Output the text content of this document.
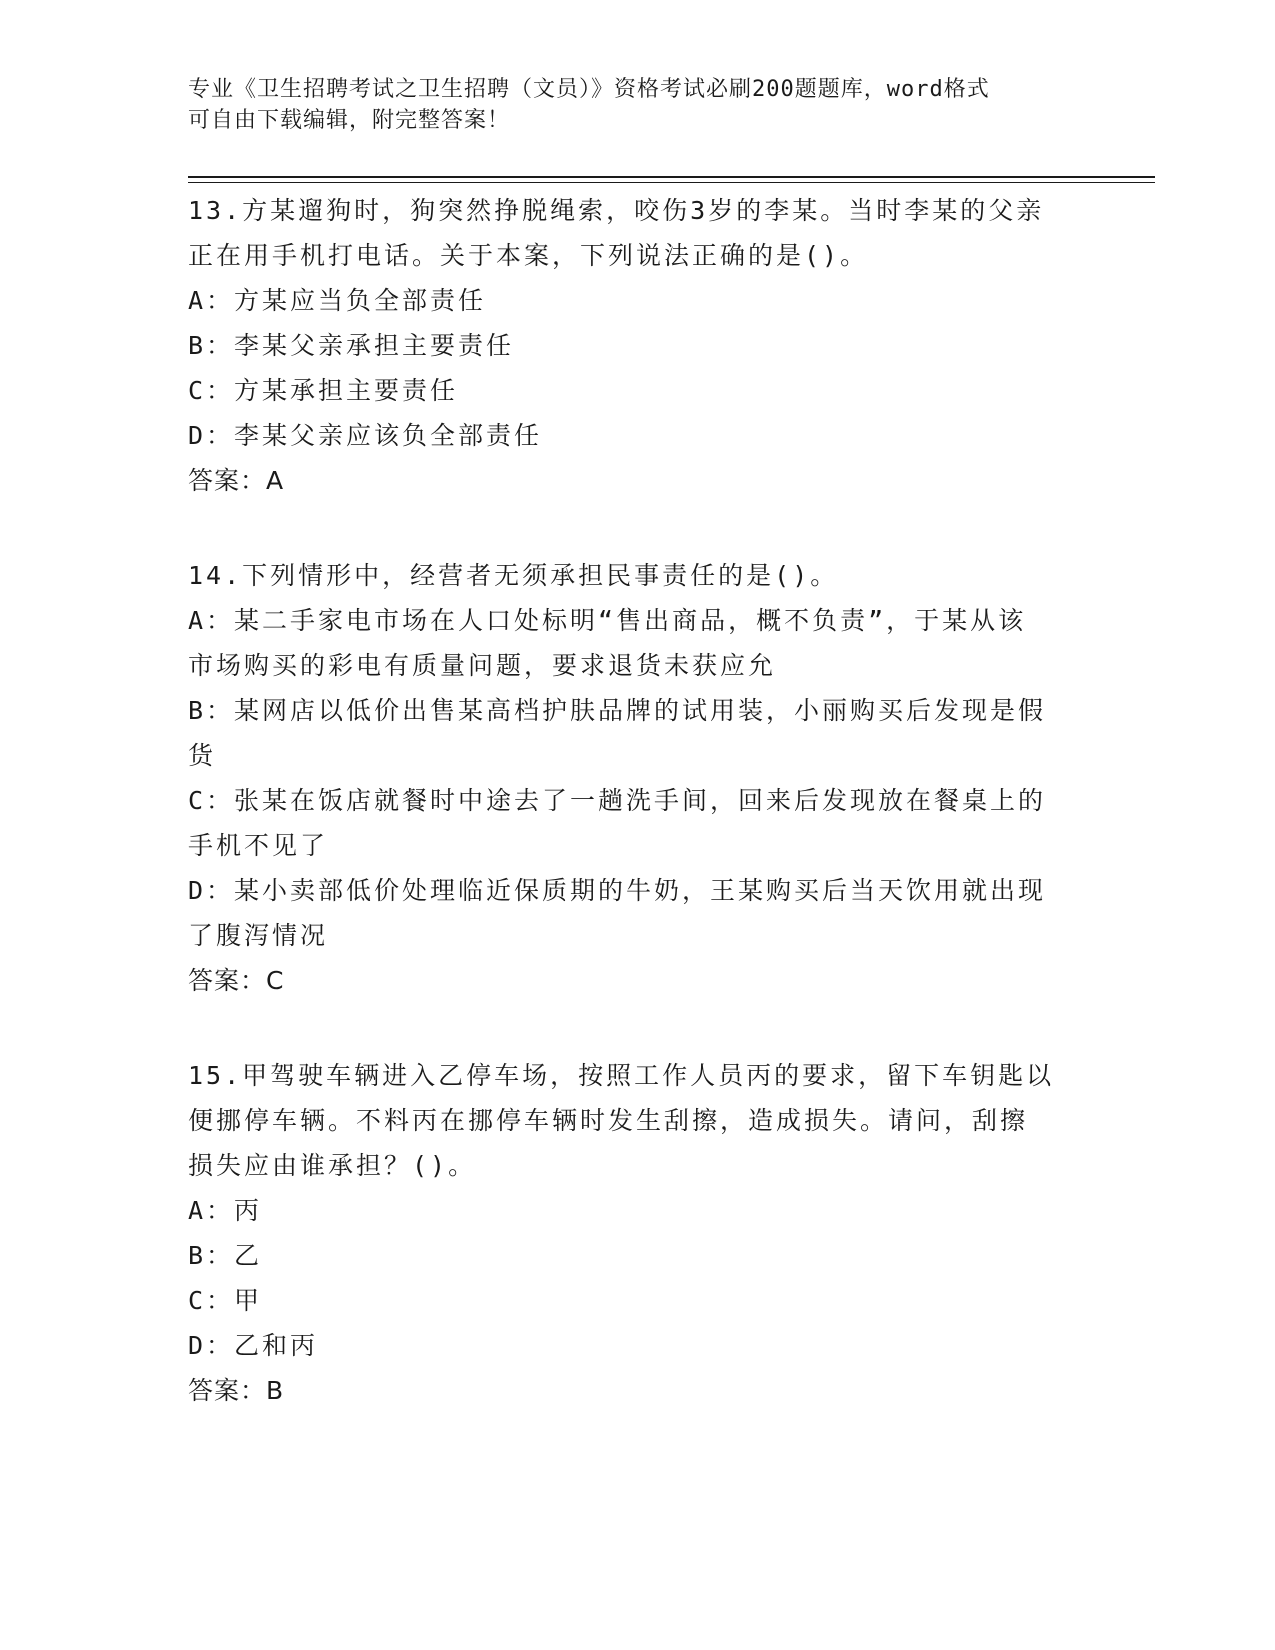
专业《卫生招聘考试之卫生招聘（文员）》资格考试必刷200题题库，word格式
可自由下载编辑，附完整答案！

13.方某遛狗时，狗突然挣脱绳索，咬伤3岁的李某。当时李某的父亲

正在用手机打电话。关于本案，下列说法正确的是()。

A：方某应当负全部责任

B：李某父亲承担主要责任

C：方某承担主要责任

D：李某父亲应该负全部责任

答案：A

14.下列情形中，经营者无须承担民事责任的是()。

A：某二手家电市场在人口处标明“售出商品，概不负责”，于某从该

市场购买的彩电有质量问题，要求退货未获应允

B：某网店以低价出售某高档护肤品牌的试用装，小丽购买后发现是假

货

C：张某在饭店就餐时中途去了一趟洗手间，回来后发现放在餐桌上的

手机不见了

D：某小卖部低价处理临近保质期的牛奶，王某购买后当天饮用就出现

了腹泻情况

答案：C

15.甲驾驶车辆进入乙停车场，按照工作人员丙的要求，留下车钥匙以

便挪停车辆。不料丙在挪停车辆时发生刮擦，造成损失。请问，刮擦

损失应由谁承担？()。

A：丙

B：乙

C：甲

D：乙和丙

答案：B
